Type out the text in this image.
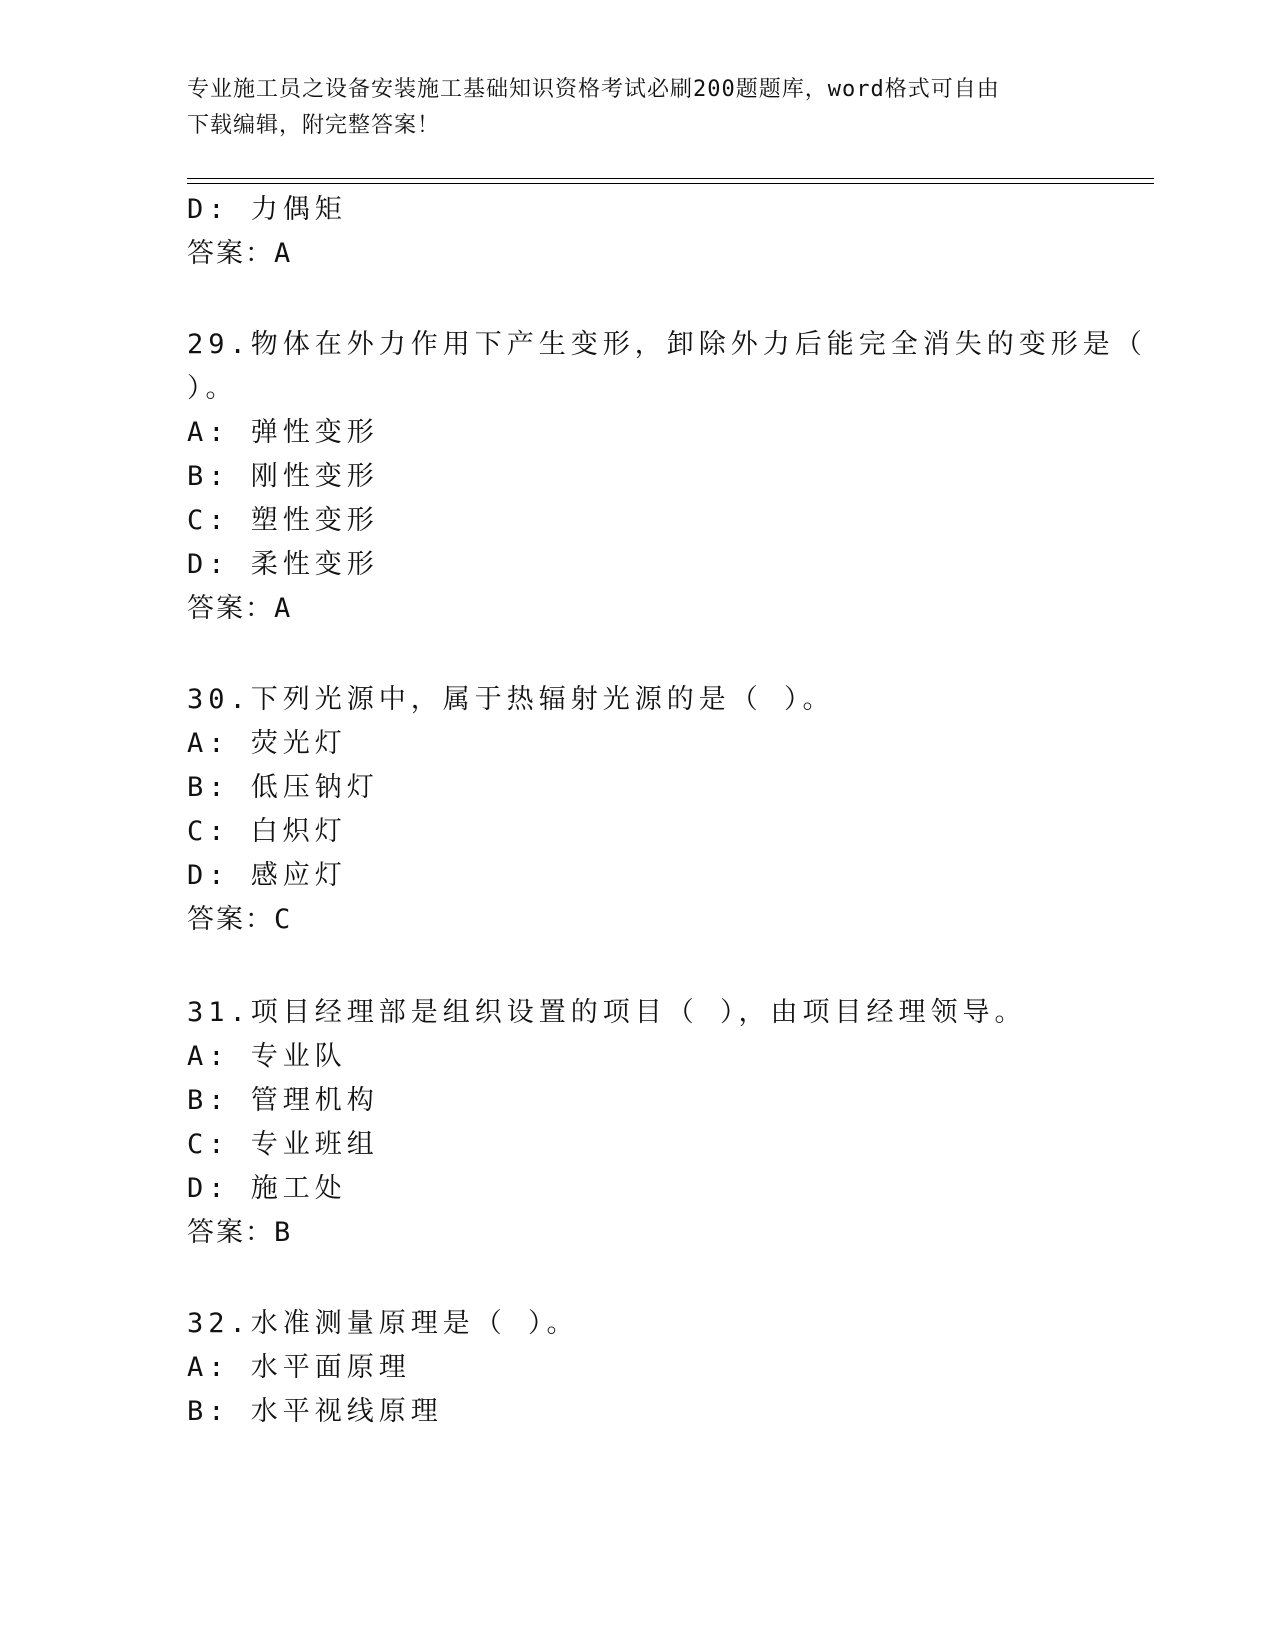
专业施工员之设备安装施工基础知识资格考试必刷200题题库，word格式可自由
下载编辑，附完整答案！
D: 力偶矩
答案：A
29.物体在外力作用下产生变形，卸除外力后能完全消失的变形是（
）。
A: 弹性变形
B: 刚性变形
C: 塑性变形
D: 柔性变形
答案：A
30.下列光源中，属于热辐射光源的是（ ）。
A: 荧光灯
B: 低压钠灯
C: 白炽灯
D: 感应灯
答案：C
31.项目经理部是组织设置的项目（ ），由项目经理领导。
A: 专业队
B: 管理机构
C: 专业班组
D: 施工处
答案：B
32.水准测量原理是（ ）。
A: 水平面原理
B: 水平视线原理
